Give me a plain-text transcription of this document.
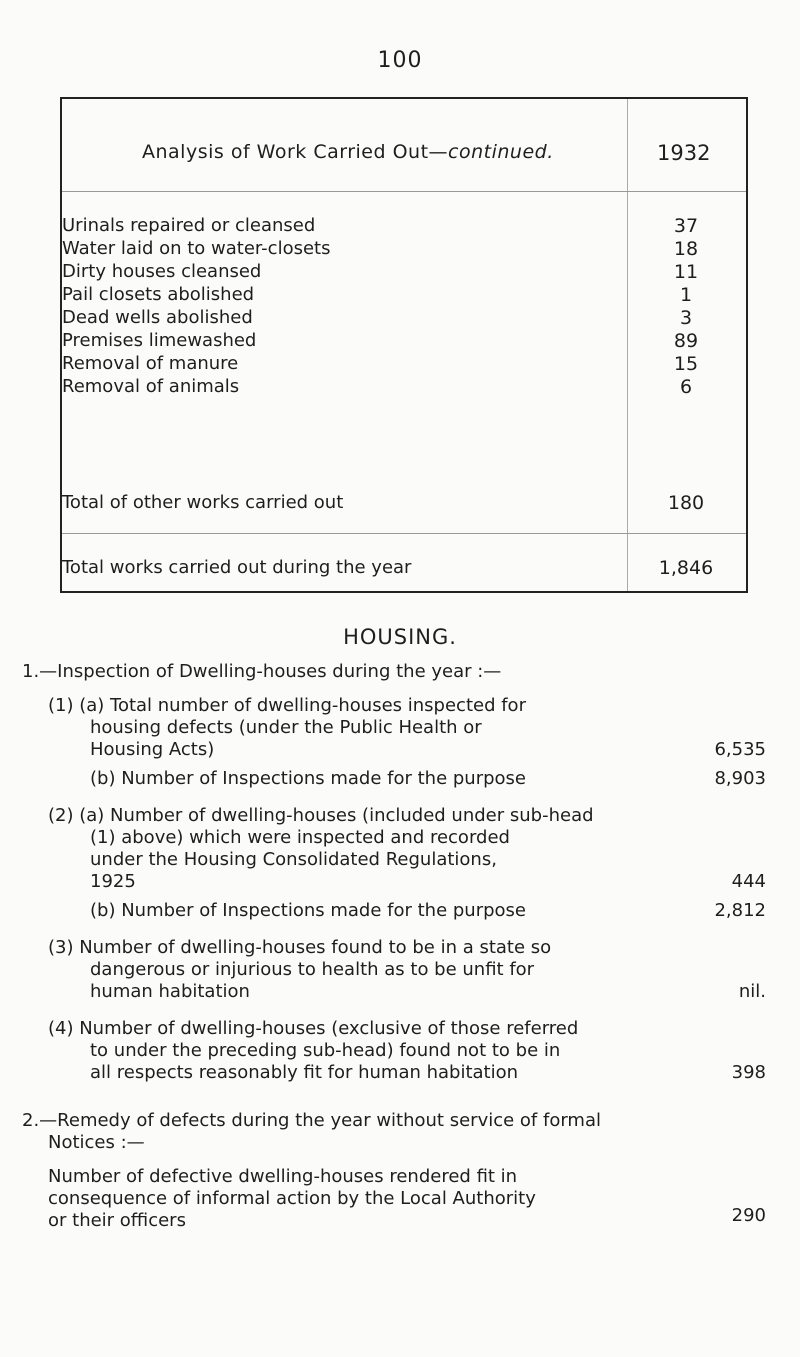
100
Analysis of Work Carried Out—continued.	1932
Urinals repaired or cleansed	37
Water laid on to water-closets	18
Dirty houses cleansed	11
Pail closets abolished	1
Dead wells abolished	3
Premises limewashed	89
Removal of manure	15
Removal of animals	6
Total of other works carried out	180
Total works carried out during the year	1,846
HOUSING.
1.—Inspection of Dwelling-houses during the year :—
(1) (a) Total number of dwelling-houses inspected for
housing defects (under the Public Health or
Housing Acts)	6,535
(b) Number of Inspections made for the purpose	8,903
(2) (a) Number of dwelling-houses (included under sub-head
(1) above) which were inspected and recorded
under the Housing Consolidated Regulations,
1925	444
(b) Number of Inspections made for the purpose	2,812
(3) Number of dwelling-houses found to be in a state so
dangerous or injurious to health as to be unfit for
human habitation	nil.
(4) Number of dwelling-houses (exclusive of those referred
to under the preceding sub-head) found not to be in
all respects reasonably fit for human habitation	398
2.—Remedy of defects during the year without service of formal
Notices :—
Number of defective dwelling-houses rendered fit in
consequence of informal action by the Local Authority
or their officers	290
